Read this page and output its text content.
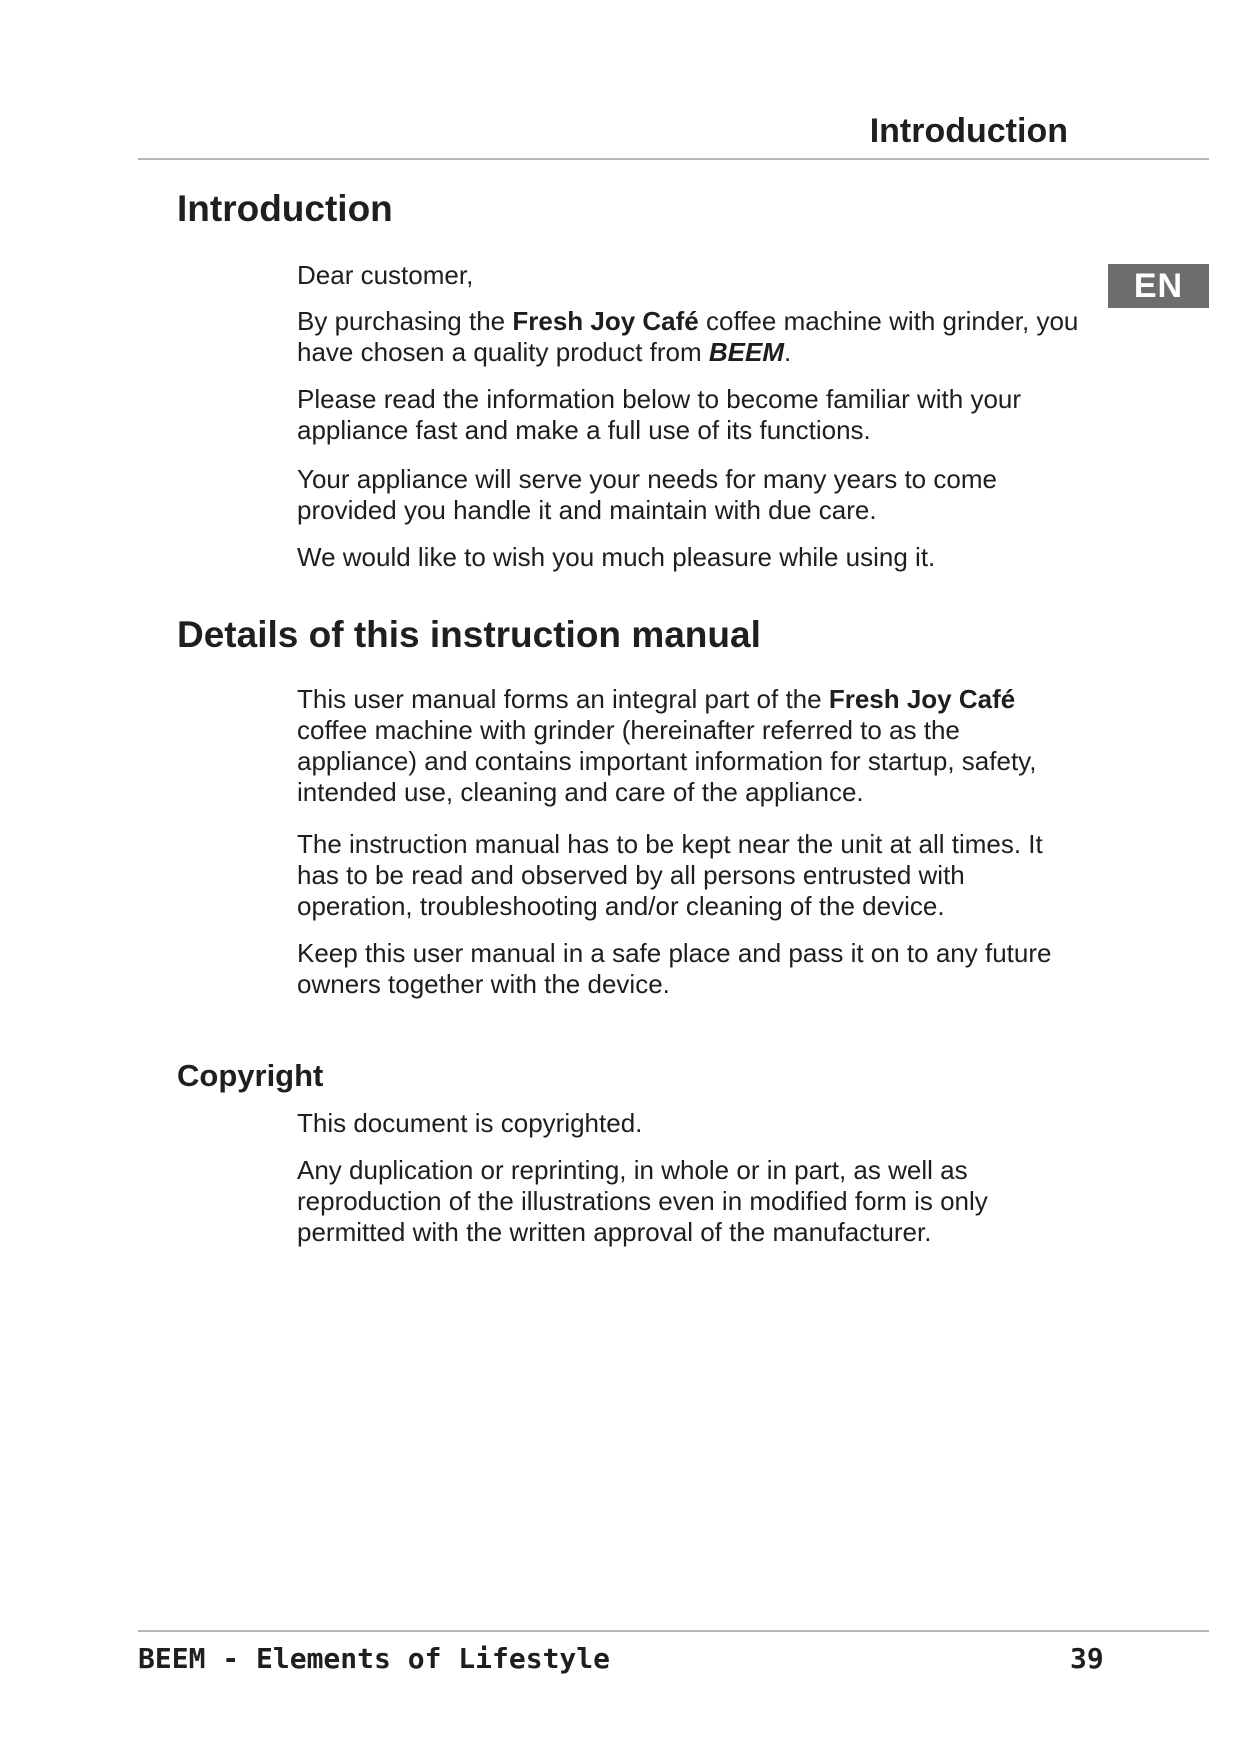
Introduction
EN
Introduction

Dear customer,

By purchasing the Fresh Joy Café coffee machine with grinder, you have chosen a quality product from BEEM.

Please read the information below to become familiar with your appliance fast and make a full use of its functions.

Your appliance will serve your needs for many years to come provided you handle it and maintain with due care.

We would like to wish you much pleasure while using it.

Details of this instruction manual

This user manual forms an integral part of the Fresh Joy Café coffee machine with grinder (hereinafter referred to as the appliance) and contains important information for startup, safety, intended use, cleaning and care of the appliance.

The instruction manual has to be kept near the unit at all times. It has to be read and observed by all persons entrusted with operation, troubleshooting and/or cleaning of the device.

Keep this user manual in a safe place and pass it on to any future owners together with the device.

Copyright

This document is copyrighted.

Any duplication or reprinting, in whole or in part, as well as reproduction of the illustrations even in modified form is only permitted with the written approval of the manufacturer.

BEEM - Elements of Lifestyle	39
